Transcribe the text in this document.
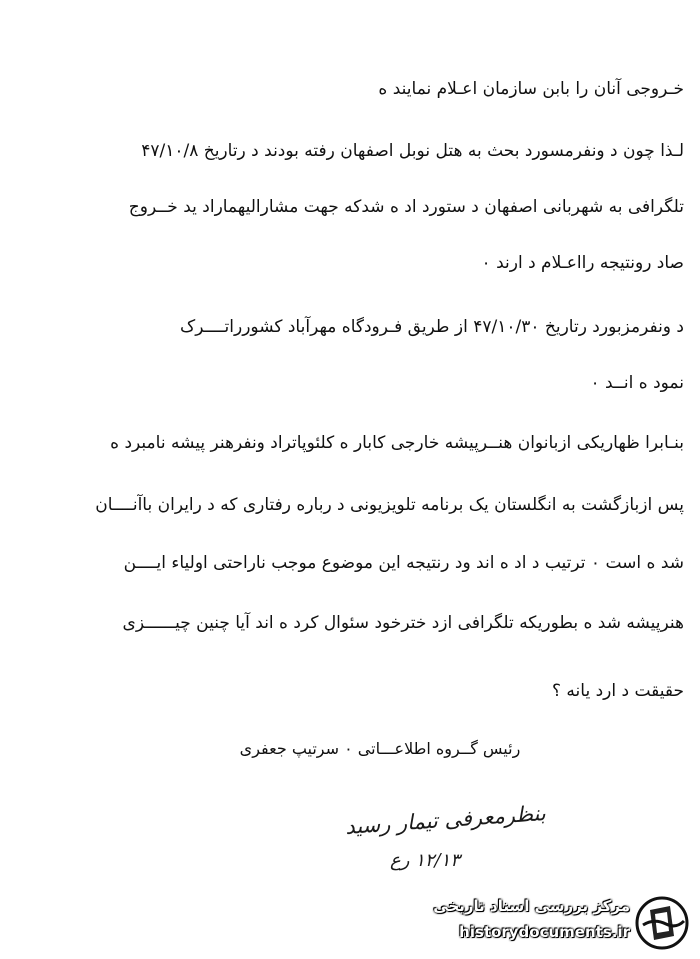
خـروجی آنان را بابن سازمان اعـلام نمایند ه
لـذا چون د ونفرمسورد بحث به هتل نوبل اصفهان رفته بودند د رتاریخ ۴۷/۱۰/۸
تلگرافی به شهربانی اصفهان د ستورد اد ه شدکه جهت مشارالیهماراد ید خــروج
صاد رونتیجه رااعـلام د ارند ۰
د ونفرمزبورد رتاریخ ۴۷/۱۰/۳۰ از طریق فـرودگاه مهرآباد کشورراتــــرک
نمود ه انــد ۰
بنـابرا ظهاریکی ازبانوان هنــرپیشه خارجی کابار ه کلئوپاتراد ونفرهنر پیشه نامبرد ه
پس ازبازگشت به انگلستان یک برنامه تلویزیونی د رباره رفتاری که د رایران باآنــــان
شد ه است ۰ ترتیب د اد ه اند ود رنتیجه این موضوع موجب ناراحتی اولیاء ایــــن
هنرپیشه شد ه بطوریکه تلگرافی ازد خترخود سئوال کرد ه اند آیا چنین چیــــــزی
حقیقت د ارد یانه ؟
رئیس گــروه اطلاعـــاتی ۰ سرتیپ جعفری
بنظرمعرفی تیمار رسید
۱۲/۱۳ رع
مرکز بررسی اسناد تاریخی
historydocuments.ir
